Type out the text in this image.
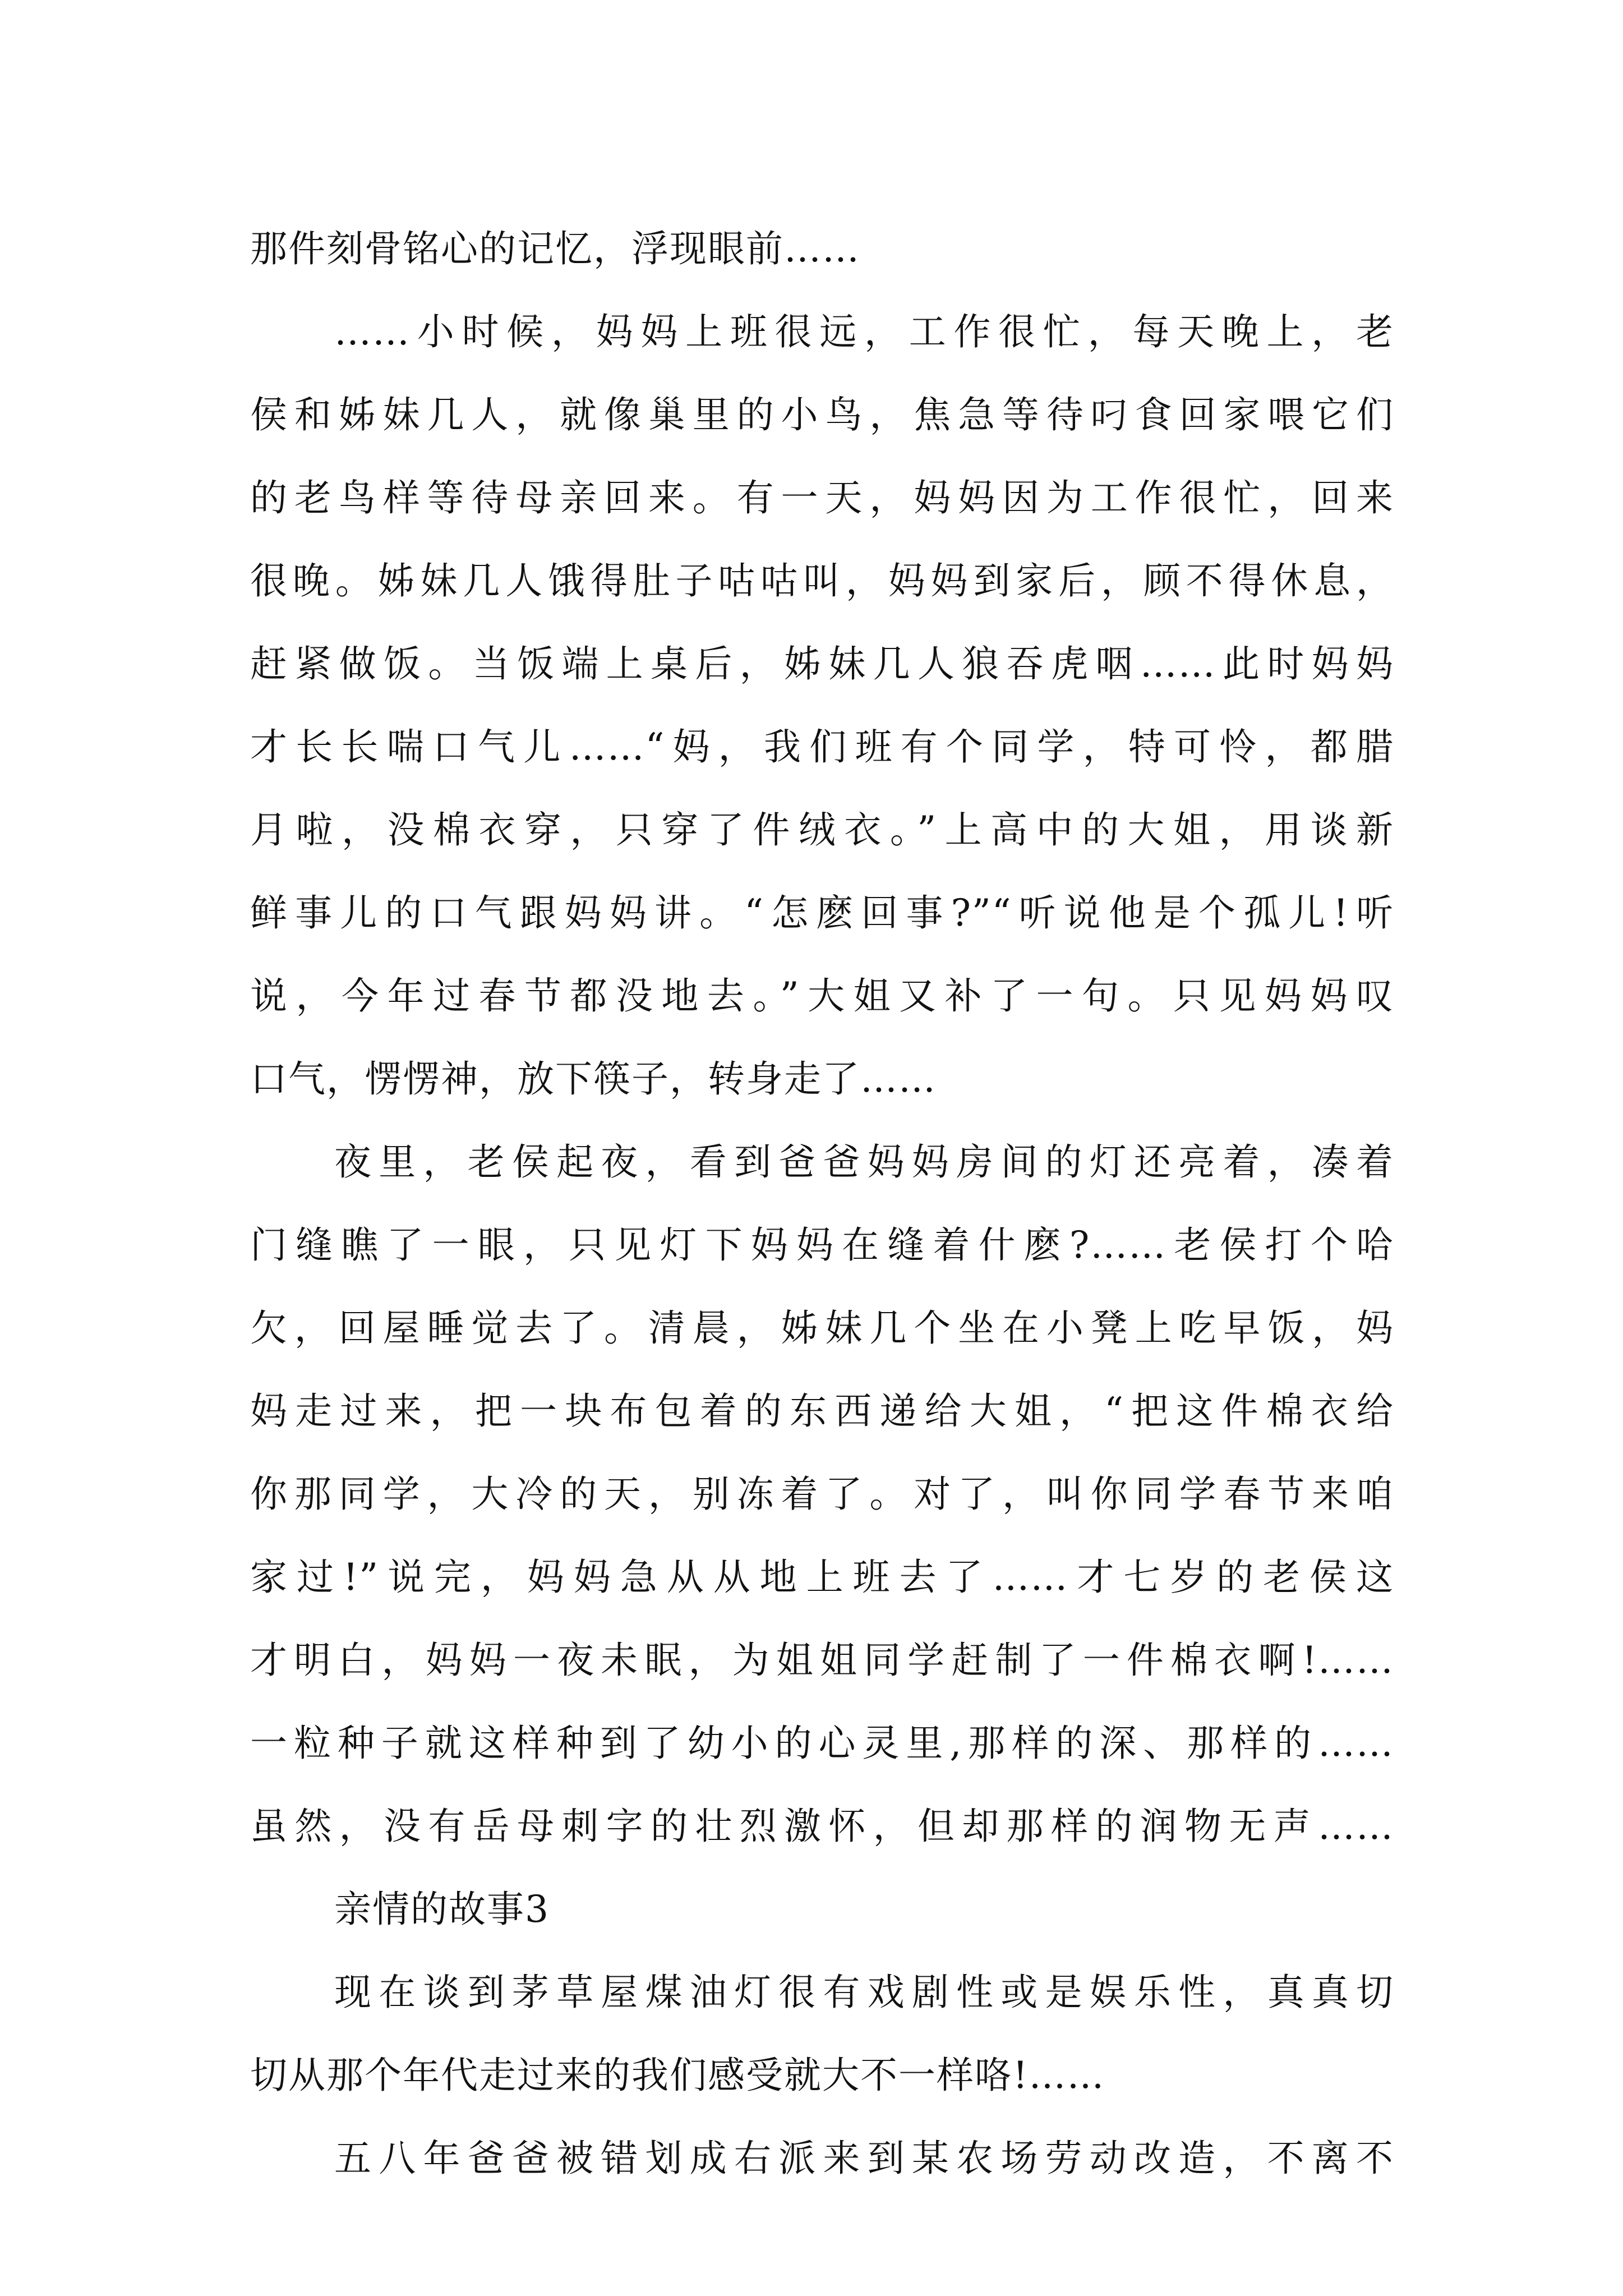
那件刻骨铭心的记忆，浮现眼前……
……小时候，妈妈上班很远，工作很忙，每天晚上，老
侯和姊妹几人，就像巢里的小鸟，焦急等待叼食回家喂它们
的老鸟样等待母亲回来。有一天，妈妈因为工作很忙，回来
很晚。姊妹几人饿得肚子咕咕叫，妈妈到家后，顾不得休息，
赶紧做饭。当饭端上桌后，姊妹几人狼吞虎咽……此时妈妈
才长长喘口气儿……“妈，我们班有个同学，特可怜，都腊
月啦，没棉衣穿，只穿了件绒衣。”上高中的大姐，用谈新
鲜事儿的口气跟妈妈讲。“怎麽回事?”“听说他是个孤儿!听
说，今年过春节都没地去。”大姐又补了一句。只见妈妈叹
口气，愣愣神，放下筷子，转身走了……
夜里，老侯起夜，看到爸爸妈妈房间的灯还亮着，凑着
门缝瞧了一眼，只见灯下妈妈在缝着什麽?……老侯打个哈
欠，回屋睡觉去了。清晨，姊妹几个坐在小凳上吃早饭，妈
妈走过来，把一块布包着的东西递给大姐，“把这件棉衣给
你那同学，大冷的天，别冻着了。对了，叫你同学春节来咱
家过!”说完，妈妈急从从地上班去了……才七岁的老侯这
才明白，妈妈一夜未眠，为姐姐同学赶制了一件棉衣啊!……
一粒种子就这样种到了幼小的心灵里,那样的深、那样的……
虽然，没有岳母刺字的壮烈激怀，但却那样的润物无声……
亲情的故事3
现在谈到茅草屋煤油灯很有戏剧性或是娱乐性，真真切
切从那个年代走过来的我们感受就大不一样咯!……
五八年爸爸被错划成右派来到某农场劳动改造，不离不
